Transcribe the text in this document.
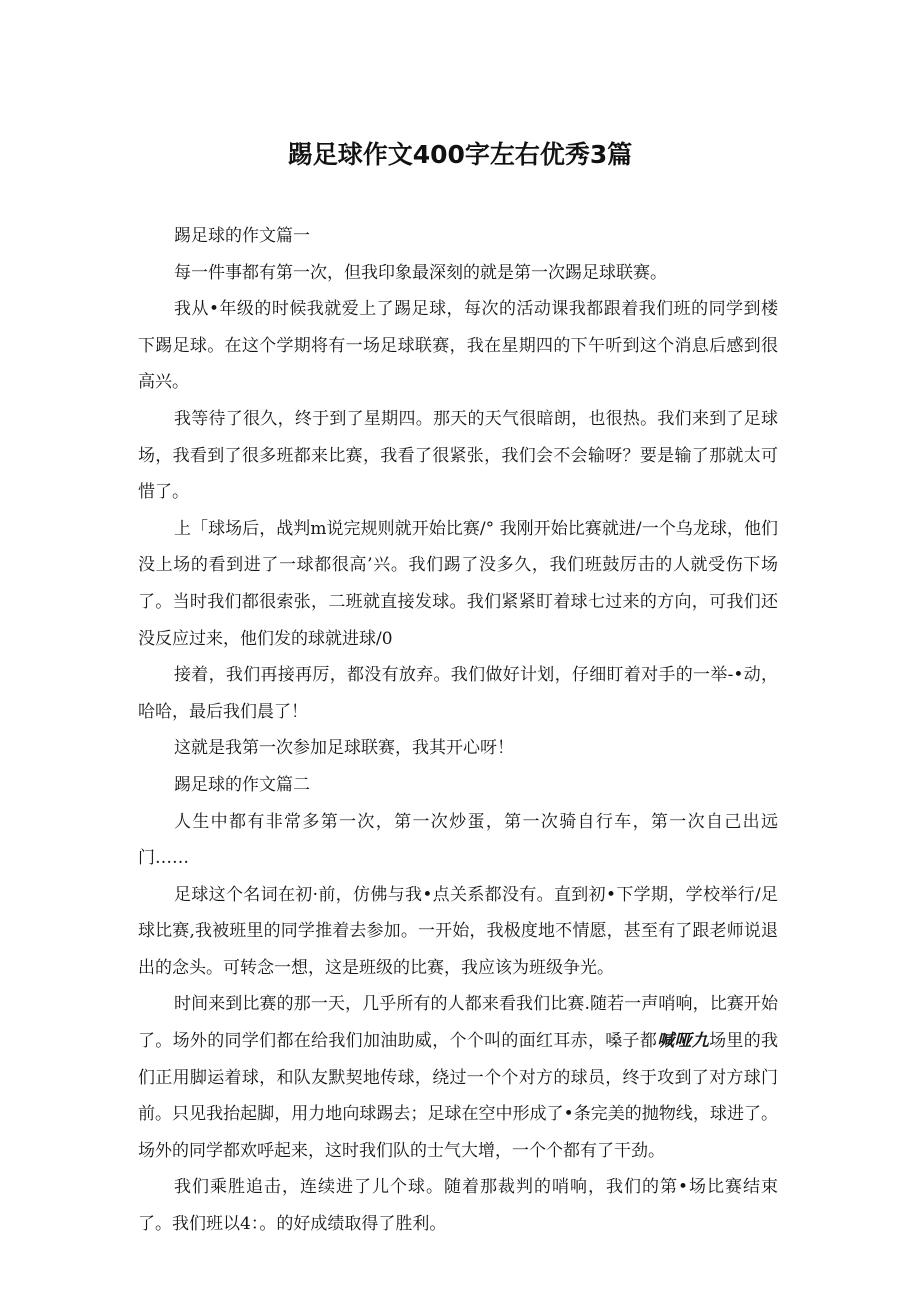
踢足球作文400字左右优秀3篇

踢足球的作文篇一

每一件事都有第一次，但我印象最深刻的就是第一次踢足球联赛。

我从•年级的时候我就爱上了踢足球，每次的活动课我都跟着我们班的同学到楼下踢足球。在这个学期将有一场足球联赛，我在星期四的下午听到这个消息后感到很高兴。

我等待了很久，终于到了星期四。那天的天气很暗朗，也很热。我们来到了足球场，我看到了很多班都来比赛，我看了很紧张，我们会不会输呀？要是输了那就太可惜了。

上「球场后，战判m说完规则就开始比赛/° 我刚开始比赛就进/一个乌龙球，他们没上场的看到进了一球都很高’兴。我们踢了没多久，我们班鼓厉击的人就受伤下场了。当时我们都很索张，二班就直接发球。我们紧紧盯着球七过来的方向，可我们还没反应过来，他们发的球就进球/0

接着，我们再接再厉，都没有放弃。我们做好计划，仔细盯着对手的一举-•动，哈哈，最后我们晨了！

这就是我第一次参加足球联赛，我其开心呀！

踢足球的作文篇二

人生中都有非常多第一次，第一次炒蛋，第一次骑自行车，第一次自己出远门……

足球这个名词在初·前，仿佛与我•点关系都没有。直到初•下学期，学校举行/足球比赛,我被班里的同学推着去参加。一开始，我极度地不情愿，甚至有了跟老师说退出的念头。可转念一想，这是班级的比赛，我应该为班级争光。

时间来到比赛的那一天，几乎所有的人都来看我们比赛.随若一声哨响，比赛开始了。场外的同学们都在给我们加油助威，个个叫的面红耳赤，嗓子都喊哑九场里的我们正用脚运着球，和队友默契地传球，绕过一个个对方的球员，终于攻到了对方球门前。只见我抬起脚，用力地向球踢去；足球在空中形成了•条完美的抛物线，球进了。场外的同学都欢呼起来，这时我们队的士气大增，一个个都有了干劲。

我们乘胜追击，连续进了儿个球。随着那裁判的哨响，我们的第•场比赛结束了。我们班以4：。的好成绩取得了胜利。
